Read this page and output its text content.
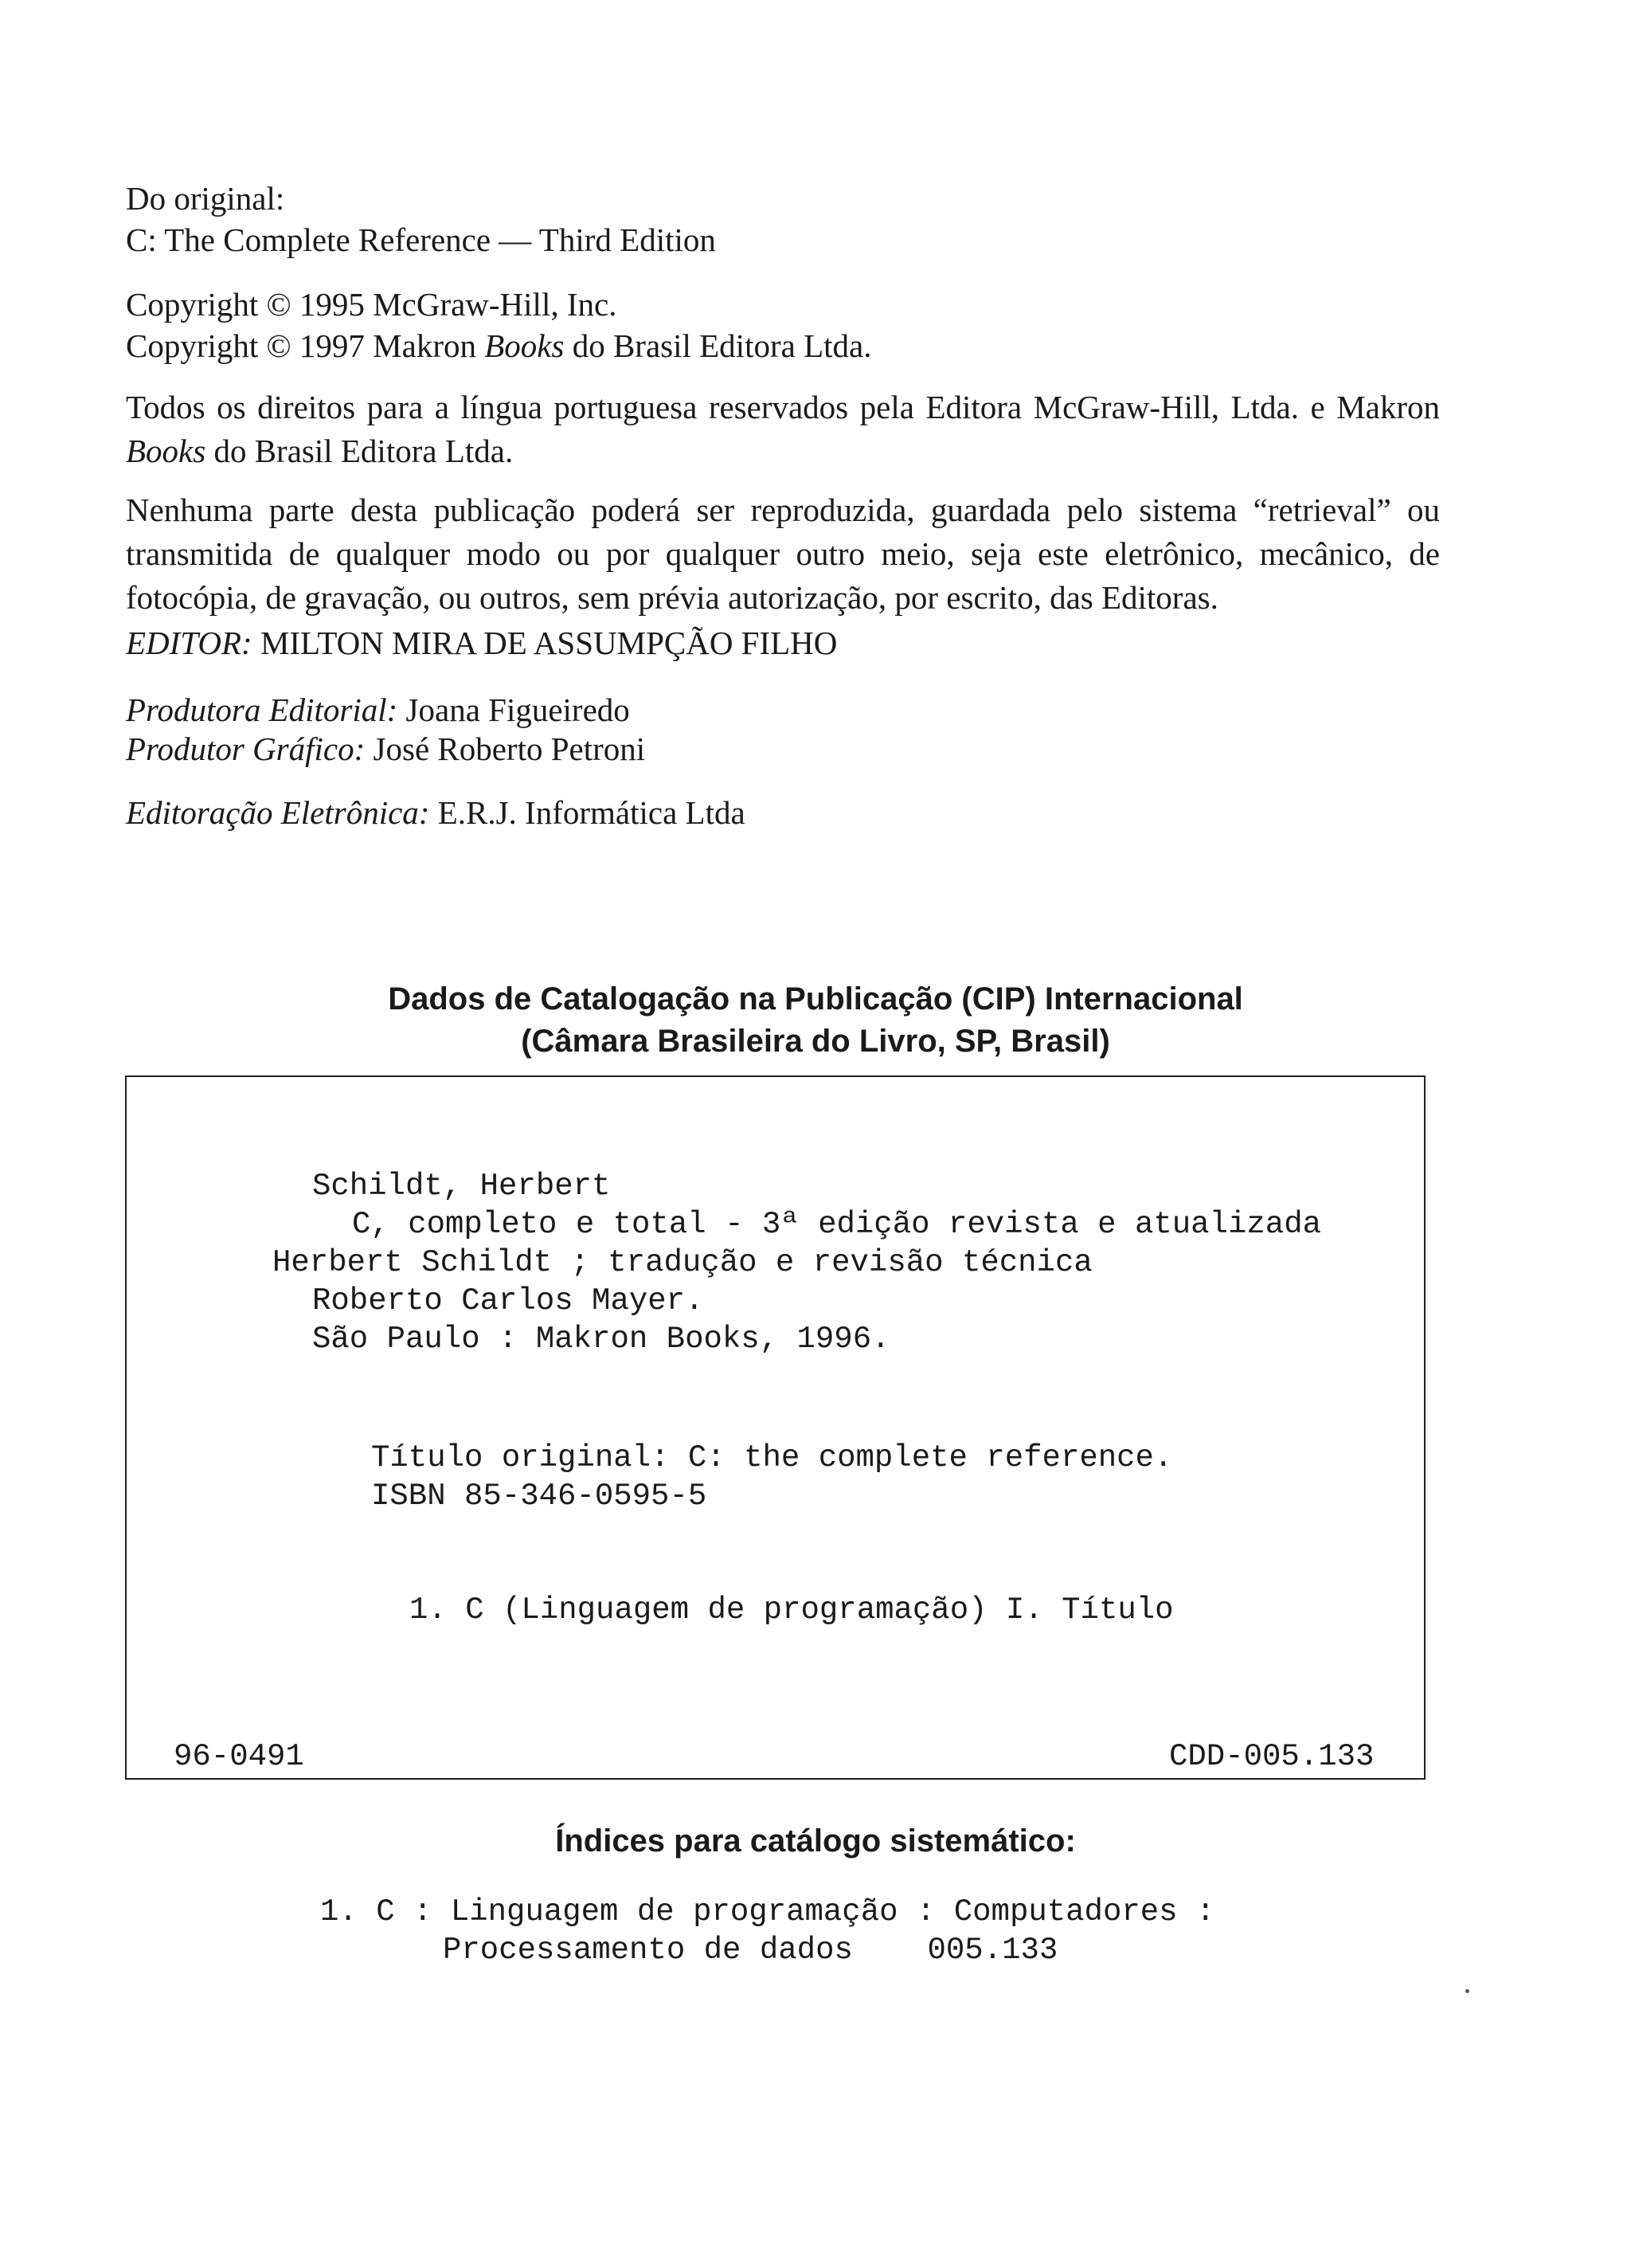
Do original:
C: The Complete Reference — Third Edition
Copyright © 1995 McGraw-Hill, Inc.
Copyright © 1997 Makron Books do Brasil Editora Ltda.
Todos os direitos para a língua portuguesa reservados pela Editora McGraw-Hill, Ltda. e Makron Books do Brasil Editora Ltda.
Nenhuma parte desta publicação poderá ser reproduzida, guardada pelo sistema “retrieval” ou transmitida de qualquer modo ou por qualquer outro meio, seja este eletrônico, mecânico, de fotocópia, de gravação, ou outros, sem prévia autorização, por escrito, das Editoras.
EDITOR: MILTON MIRA DE ASSUMPÇÃO FILHO
Produtora Editorial: Joana Figueiredo
Produtor Gráfico: José Roberto Petroni
Editoração Eletrônica: E.R.J. Informática Ltda
Dados de Catalogação na Publicação (CIP) Internacional
(Câmara Brasileira do Livro, SP, Brasil)
Schildt, Herbert
C, completo e total - 3ª edição revista e atualizada
Herbert Schildt ; tradução e revisão técnica
Roberto Carlos Mayer.
São Paulo : Makron Books, 1996.
Título original: C: the complete reference.
ISBN 85-346-0595-5
1. C (Linguagem de programação) I. Título
96-0491	CDD-005.133
Índices para catálogo sistemático:
1. C : Linguagem de programação : Computadores :
Processamento de dados    005.133
